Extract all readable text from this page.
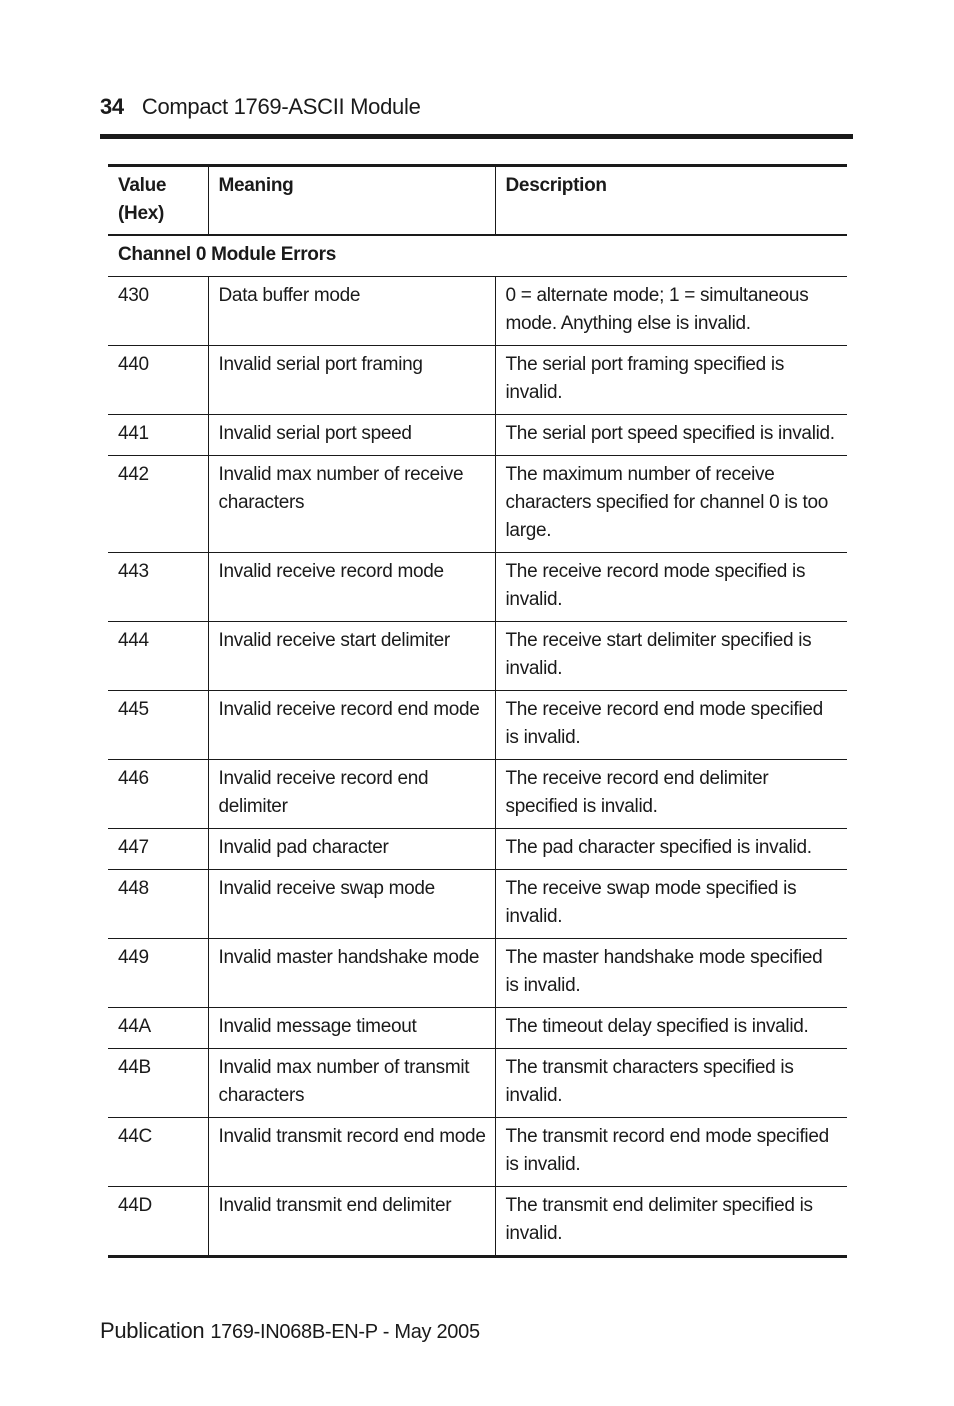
34 Compact 1769-ASCII Module
Value
(Hex)	Meaning	Description
Channel 0 Module Errors		
430	Data buffer mode	0 = alternate mode; 1 = simultaneous mode. Anything else is invalid.
440	Invalid serial port framing	The serial port framing specified is invalid.
441	Invalid serial port speed	The serial port speed specified is invalid.
442	Invalid max number of receive characters	The maximum number of receive characters specified for channel 0 is too large.
443	Invalid receive record mode	The receive record mode specified is invalid.
444	Invalid receive start delimiter	The receive start delimiter specified is invalid.
445	Invalid receive record end mode	The receive record end mode specified is invalid.
446	Invalid receive record end delimiter	The receive record end delimiter specified is invalid.
447	Invalid pad character	The pad character specified is invalid.
448	Invalid receive swap mode	The receive swap mode specified is invalid.
449	Invalid master handshake mode	The master handshake mode specified is invalid.
44A	Invalid message timeout	The timeout delay specified is invalid.
44B	Invalid max number of transmit characters	The transmit characters specified is invalid.
44C	Invalid transmit record end mode	The transmit record end mode specified is invalid.
44D	Invalid transmit end delimiter	The transmit end delimiter specified is invalid.
Publication 1769-IN068B-EN-P - May 2005
